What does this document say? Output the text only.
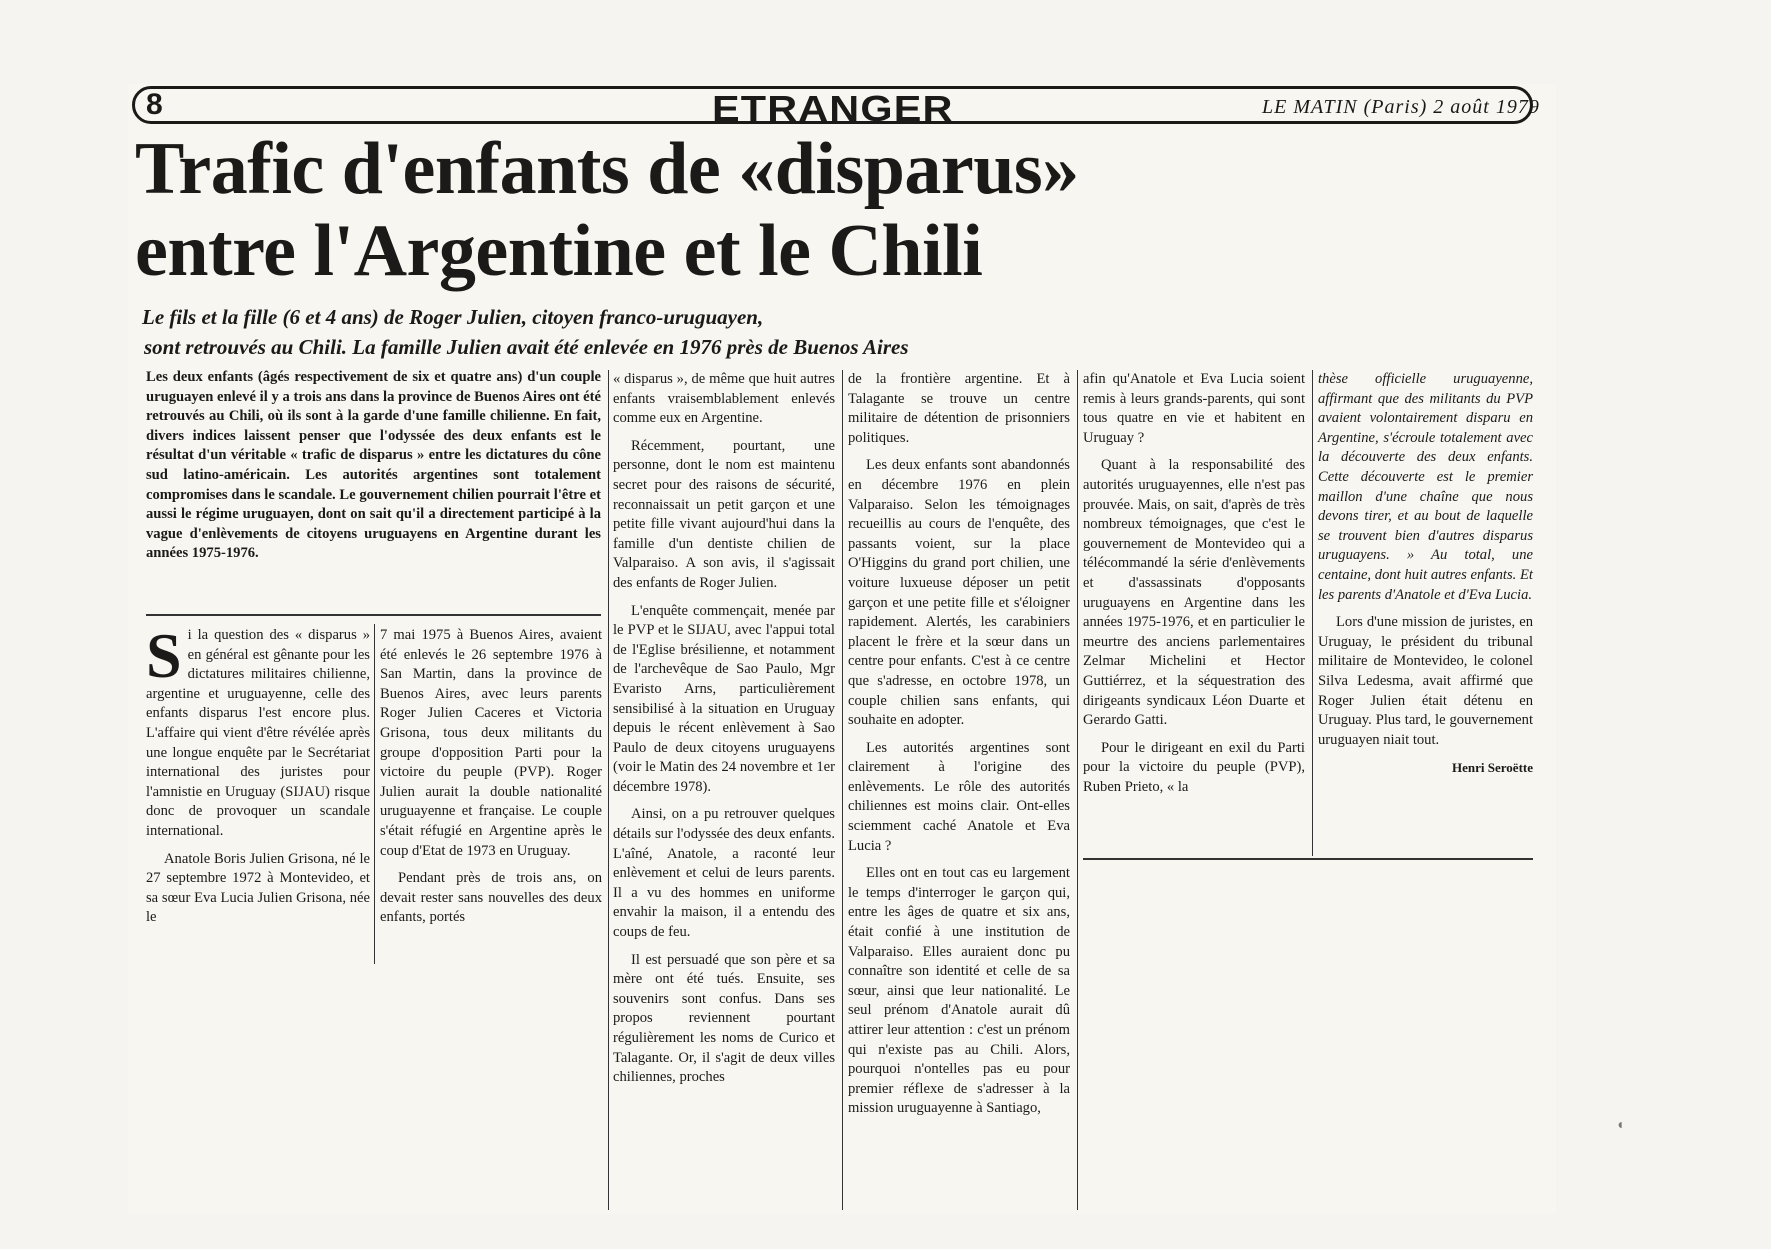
8	ETRANGER	LE MATIN (Paris) 2 août 1979
Trafic d'enfants de «disparus»
entre l'Argentine et le Chili
Le fils et la fille (6 et 4 ans) de Roger Julien, citoyen franco-uruguayen,
sont retrouvés au Chili. La famille Julien avait été enlevée en 1976 près de Buenos Aires
Les deux enfants (âgés respectivement de six et quatre ans) d'un couple uruguayen enlevé il y a trois ans dans la province de Buenos Aires ont été retrouvés au Chili, où ils sont à la garde d'une famille chilienne. En fait, divers indices laissent penser que l'odyssée des deux enfants est le résultat d'un véritable « trafic de disparus » entre les dictatures du cône sud latino-américain. Les autorités argentines sont totalement compromises dans le scandale. Le gouvernement chilien pourrait l'être et aussi le régime uruguayen, dont on sait qu'il a directement participé à la vague d'enlèvements de citoyens uruguayens en Argentine durant les années 1975-1976.

Si la question des « disparus » en général est gênante pour les dictatures militaires chilienne, argentine et uruguayenne, celle des enfants disparus l'est encore plus. L'affaire qui vient d'être révélée après une longue enquête par le Secrétariat international des juristes pour l'amnistie en Uruguay (SIJAU) risque donc de provoquer un scandale international.

Anatole Boris Julien Grisona, né le 27 septembre 1972 à Montevideo, et sa sœur Eva Lucia Julien Grisona, née le

7 mai 1975 à Buenos Aires, avaient été enlevés le 26 septembre 1976 à San Martin, dans la province de Buenos Aires, avec leurs parents Roger Julien Caceres et Victoria Grisona, tous deux militants du groupe d'opposition Parti pour la victoire du peuple (PVP). Roger Julien aurait la double nationalité uruguayenne et française. Le couple s'était réfugié en Argentine après le coup d'Etat de 1973 en Uruguay.

Pendant près de trois ans, on devait rester sans nouvelles des deux enfants, portés

« disparus », de même que huit autres enfants vraisemblablement enlevés comme eux en Argentine.

Récemment, pourtant, une personne, dont le nom est maintenu secret pour des raisons de sécurité, reconnaissait un petit garçon et une petite fille vivant aujourd'hui dans la famille d'un dentiste chilien de Valparaiso. A son avis, il s'agissait des enfants de Roger Julien.

L'enquête commençait, menée par le PVP et le SIJAU, avec l'appui total de l'Eglise brésilienne, et notamment de l'archevêque de Sao Paulo, Mgr Evaristo Arns, particulièrement sensibilisé à la situation en Uruguay depuis le récent enlèvement à Sao Paulo de deux citoyens uruguayens (voir le Matin des 24 novembre et 1er décembre 1978).

Ainsi, on a pu retrouver quelques détails sur l'odyssée des deux enfants. L'aîné, Anatole, a raconté leur enlèvement et celui de leurs parents. Il a vu des hommes en uniforme envahir la maison, il a entendu des coups de feu.

Il est persuadé que son père et sa mère ont été tués. Ensuite, ses souvenirs sont confus. Dans ses propos reviennent pourtant régulièrement les noms de Curico et Talagante. Or, il s'agit de deux villes chiliennes, proches

de la frontière argentine. Et à Talagante se trouve un centre militaire de détention de prisonniers politiques.

Les deux enfants sont abandonnés en décembre 1976 en plein Valparaiso. Selon les témoignages recueillis au cours de l'enquête, des passants voient, sur la place O'Higgins du grand port chilien, une voiture luxueuse déposer un petit garçon et une petite fille et s'éloigner rapidement. Alertés, les carabiniers placent le frère et la sœur dans un centre pour enfants. C'est à ce centre que s'adresse, en octobre 1978, un couple chilien sans enfants, qui souhaite en adopter.

Les autorités argentines sont clairement à l'origine des enlèvements. Le rôle des autorités chiliennes est moins clair. Ont-elles sciemment caché Anatole et Eva Lucia ?

Elles ont en tout cas eu largement le temps d'interroger le garçon qui, entre les âges de quatre et six ans, était confié à une institution de Valparaiso. Elles auraient donc pu connaître son identité et celle de sa sœur, ainsi que leur nationalité. Le seul prénom d'Anatole aurait dû attirer leur attention : c'est un prénom qui n'existe pas au Chili. Alors, pourquoi n'ontelles pas eu pour premier réflexe de s'adresser à la mission uruguayenne à Santiago,

afin qu'Anatole et Eva Lucia soient remis à leurs grands-parents, qui sont tous quatre en vie et habitent en Uruguay ?

Quant à la responsabilité des autorités uruguayennes, elle n'est pas prouvée. Mais, on sait, d'après de très nombreux témoignages, que c'est le gouvernement de Montevideo qui a télécommandé la série d'enlèvements et d'assassinats d'opposants uruguayens en Argentine dans les années 1975-1976, et en particulier le meurtre des anciens parlementaires Zelmar Michelini et Hector Guttiérrez, et la séquestration des dirigeants syndicaux Léon Duarte et Gerardo Gatti.

Pour le dirigeant en exil du Parti pour la victoire du peuple (PVP), Ruben Prieto, « la

thèse officielle uruguayenne, affirmant que des militants du PVP avaient volontairement disparu en Argentine, s'écroule totalement avec la découverte des deux enfants. Cette découverte est le premier maillon d'une chaîne que nous devons tirer, et au bout de laquelle se trouvent bien d'autres disparus uruguayens. » Au total, une centaine, dont huit autres enfants. Et les parents d'Anatole et d'Eva Lucia.

Lors d'une mission de juristes, en Uruguay, le président du tribunal militaire de Montevideo, le colonel Silva Ledesma, avait affirmé que Roger Julien était détenu en Uruguay. Plus tard, le gouvernement uruguayen niait tout.

Henri Seroëtte

◖
